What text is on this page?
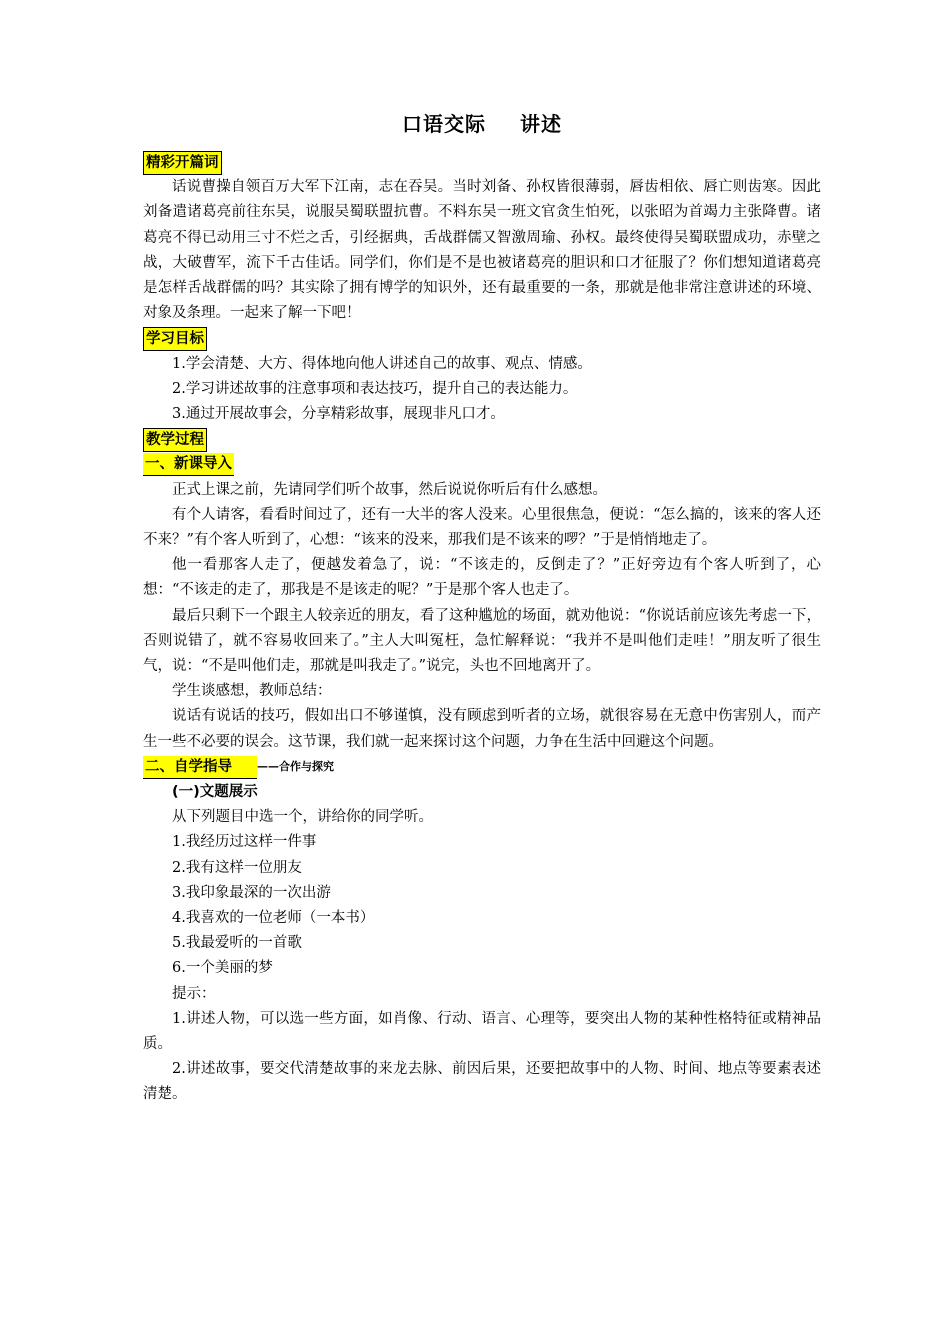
口语交际 讲述
精彩开篇词

话说曹操自领百万大军下江南，志在吞吴。当时刘备、孙权皆很薄弱，唇齿相依、唇亡则齿寒。因此刘备遣诸葛亮前往东吴，说服吴蜀联盟抗曹。不料东吴一班文官贪生怕死，以张昭为首竭力主张降曹。诸葛亮不得已动用三寸不烂之舌，引经据典，舌战群儒又智激周瑜、孙权。最终使得吴蜀联盟成功，赤壁之战，大破曹军，流下千古佳话。同学们，你们是不是也被诸葛亮的胆识和口才征服了？你们想知道诸葛亮是怎样舌战群儒的吗？其实除了拥有博学的知识外，还有最重要的一条，那就是他非常注意讲述的环境、对象及条理。一起来了解一下吧！

学习目标

1.学会清楚、大方、得体地向他人讲述自己的故事、观点、情感。

2.学习讲述故事的注意事项和表达技巧，提升自己的表达能力。

3.通过开展故事会，分享精彩故事，展现非凡口才。

教学过程
一、新课导入

正式上课之前，先请同学们听个故事，然后说说你听后有什么感想。

有个人请客，看看时间过了，还有一大半的客人没来。心里很焦急，便说：“怎么搞的，该来的客人还不来？”有个客人听到了，心想：“该来的没来，那我们是不该来的啰？”于是悄悄地走了。

他一看那客人走了，便越发着急了，说：“不该走的，反倒走了？”正好旁边有个客人听到了，心想：“不该走的走了，那我是不是该走的呢？”于是那个客人也走了。

最后只剩下一个跟主人较亲近的朋友，看了这种尴尬的场面，就劝他说：“你说话前应该先考虑一下，否则说错了，就不容易收回来了。”主人大叫冤枉，急忙解释说：“我并不是叫他们走哇！”朋友听了很生气，说：“不是叫他们走，那就是叫我走了。”说完，头也不回地离开了。

学生谈感想，教师总结：

说话有说话的技巧，假如出口不够谨慎，没有顾虑到听者的立场，就很容易在无意中伤害别人，而产生一些不必要的误会。这节课，我们就一起来探讨这个问题，力争在生活中回避这个问题。

二、自学指导	——合作与探究

(一)文题展示

从下列题目中选一个，讲给你的同学听。

1.我经历过这样一件事

2.我有这样一位朋友

3.我印象最深的一次出游

4.我喜欢的一位老师（一本书）

5.我最爱听的一首歌

6.一个美丽的梦

提示：

1.讲述人物，可以选一些方面，如肖像、行动、语言、心理等，要突出人物的某种性格特征或精神品质。

2.讲述故事，要交代清楚故事的来龙去脉、前因后果，还要把故事中的人物、时间、地点等要素表述清楚。
